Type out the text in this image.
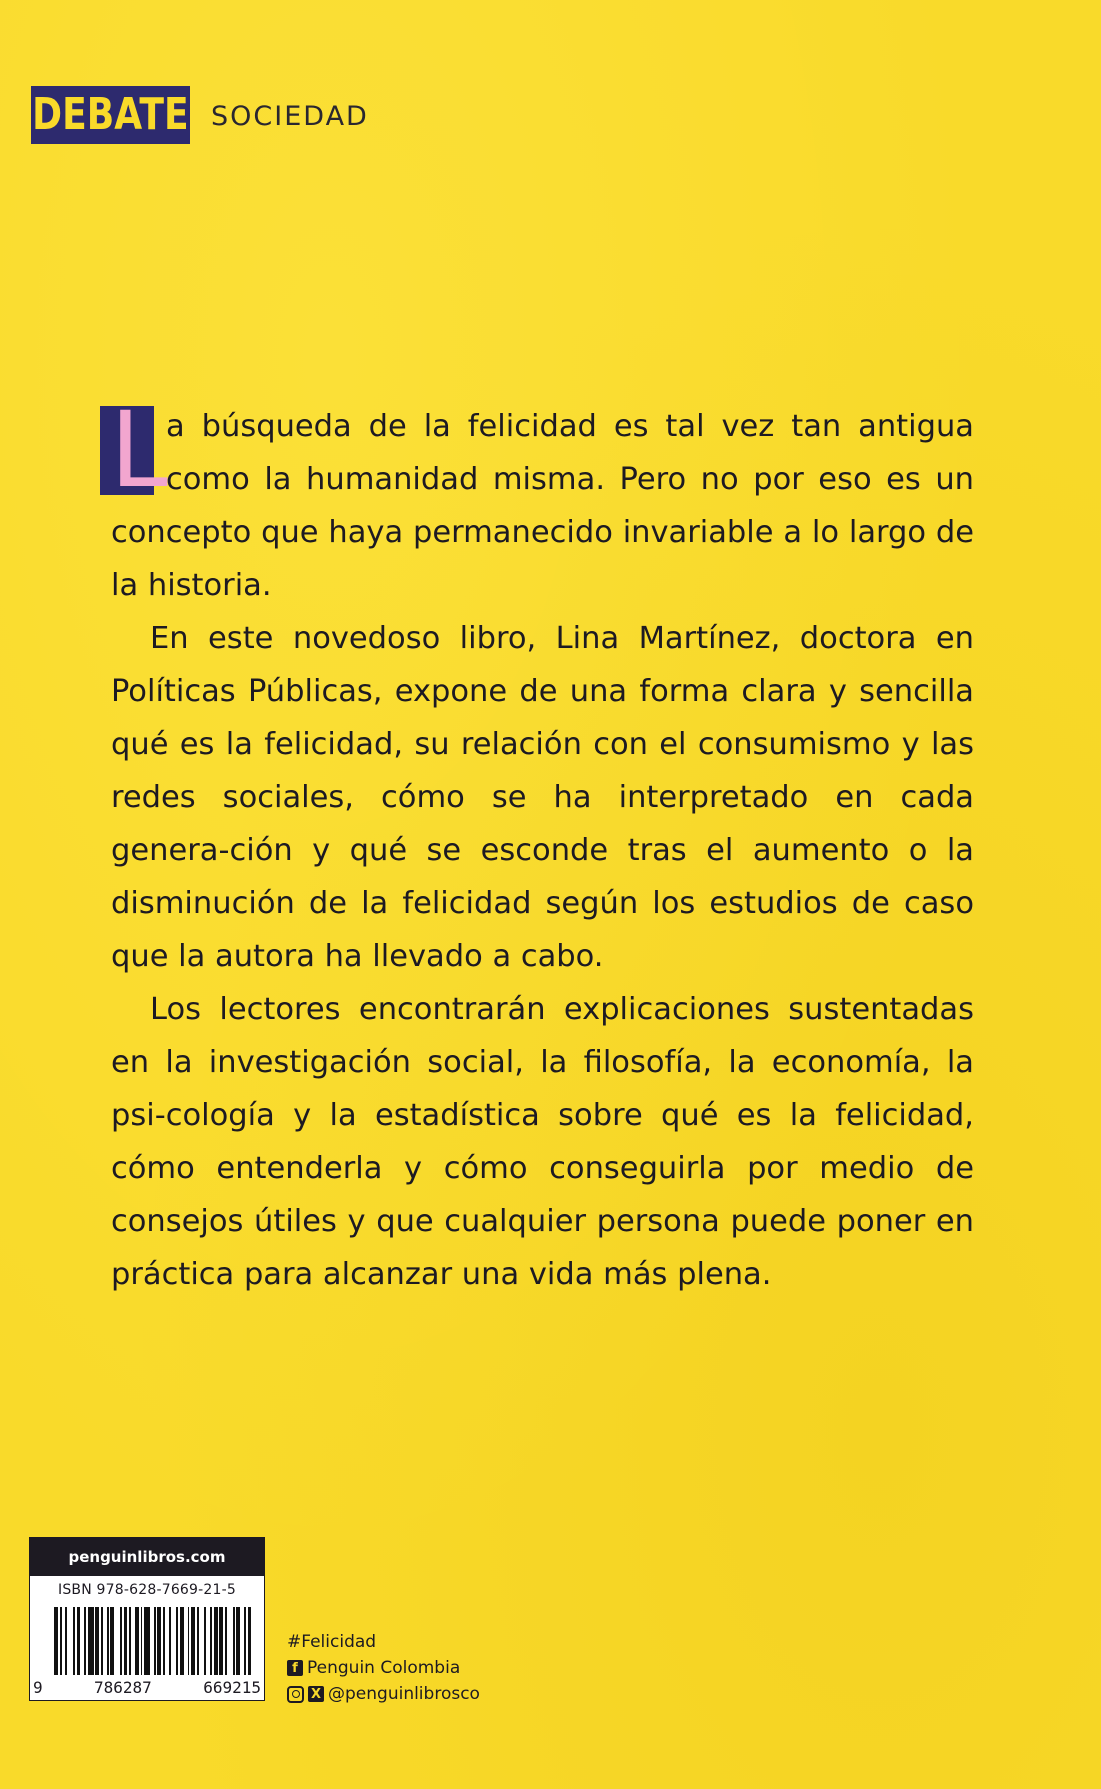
DEBATE SOCIEDAD

L
a búsqueda de la felicidad es tal vez tan antigua como la humanidad misma. Pero no por eso es un concepto que haya permanecido invariable a lo largo de la historia.

En este novedoso libro, Lina Martínez, doctora en Políticas Públicas, expone de una forma clara y sencilla qué es la felicidad, su relación con el consumismo y las redes sociales, cómo se ha interpretado en cada genera-ción y qué se esconde tras el aumento o la disminución de la felicidad según los estudios de caso que la autora ha llevado a cabo.

Los lectores encontrarán explicaciones sustentadas en la investigación social, la filosofía, la economía, la psi-cología y la estadística sobre qué es la felicidad, cómo entenderla y cómo conseguirla por medio de consejos útiles y que cualquier persona puede poner en práctica para alcanzar una vida más plena.

penguinlibros.com
ISBN 978-628-7669-21-5
9	786287	669215
#Felicidad
f Penguin Colombia
X @penguinlibrosco
